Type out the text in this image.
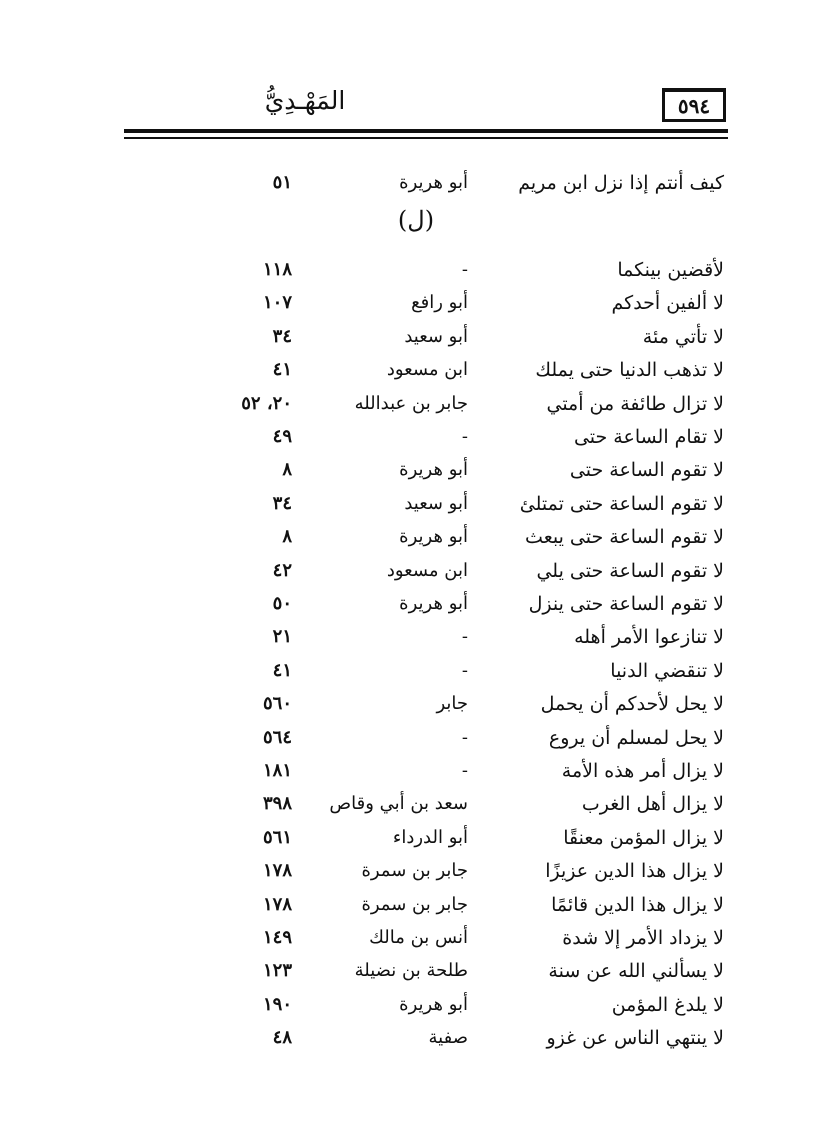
المَهْـدِيُّ	٥٩٤
كيف أنتم إذا نزل ابن مريم
أبو هريرة
٥١
(ل)
لأقضين بينكما
-
١١٨
لا ألفين أحدكم
أبو رافع
١٠٧
لا تأتي مئة
أبو سعيد
٣٤
لا تذهب الدنيا حتى يملك
ابن مسعود
٤١
لا تزال طائفة من أمتي
جابر بن عبدالله
٢٠، ٥٢
لا تقام الساعة حتى
-
٤٩
لا تقوم الساعة حتى
أبو هريرة
٨
لا تقوم الساعة حتى تمتلئ
أبو سعيد
٣٤
لا تقوم الساعة حتى يبعث
أبو هريرة
٨
لا تقوم الساعة حتى يلي
ابن مسعود
٤٢
لا تقوم الساعة حتى ينزل
أبو هريرة
٥٠
لا تنازعوا الأمر أهله
-
٢١
لا تنقضي الدنيا
-
٤١
لا يحل لأحدكم أن يحمل
جابر
٥٦٠
لا يحل لمسلم أن يروع
-
٥٦٤
لا يزال أمر هذه الأمة
-
١٨١
لا يزال أهل الغرب
سعد بن أبي وقاص
٣٩٨
لا يزال المؤمن معنقًا
أبو الدرداء
٥٦١
لا يزال هذا الدين عزيزًا
جابر بن سمرة
١٧٨
لا يزال هذا الدين قائمًا
جابر بن سمرة
١٧٨
لا يزداد الأمر إلا شدة
أنس بن مالك
١٤٩
لا يسألني الله عن سنة
طلحة بن نضيلة
١٢٣
لا يلدغ المؤمن
أبو هريرة
١٩٠
لا ينتهي الناس عن غزو
صفية
٤٨
